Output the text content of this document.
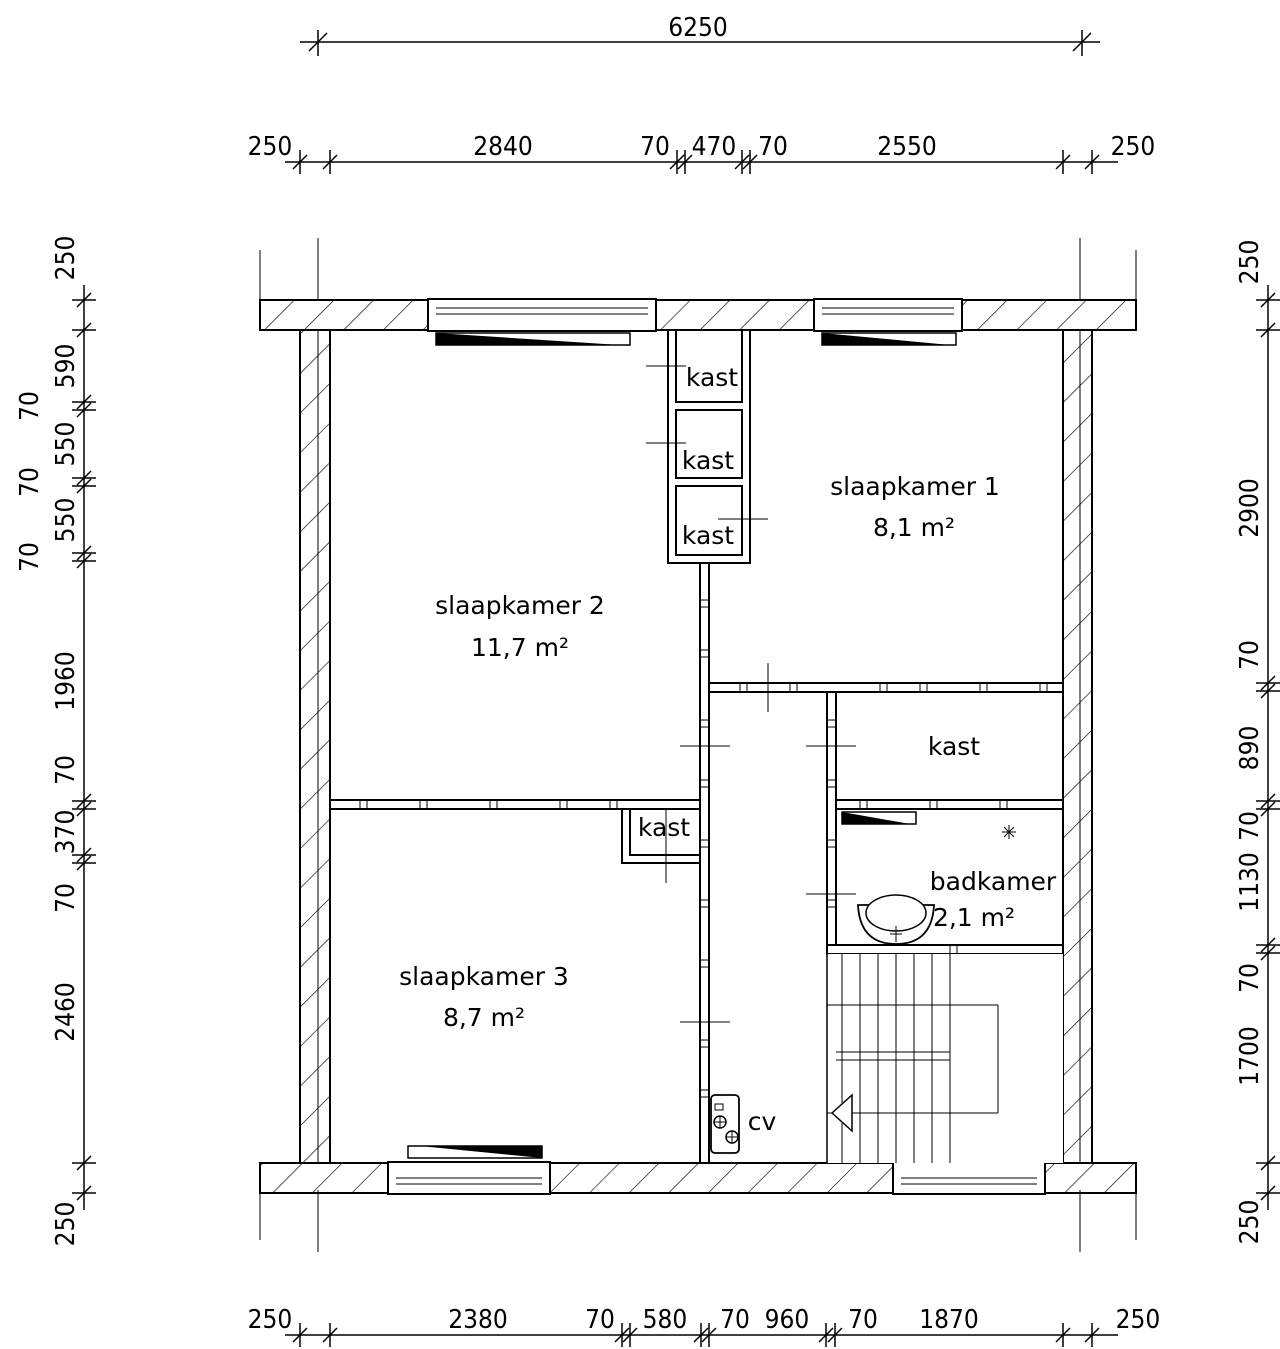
6250
250	2840	70 470 70	2550	250
250	2380	70 580 70 960 70 1870	250
250
590
70
550
70
550
70
1960
70
370
70
2460
250
250
2900
70
890
70
1130
70
1700
250
slaapkamer 1
8,1 m²
slaapkamer 2
11,7 m²
slaapkamer 3
8,7 m²
badkamer
2,1 m²
kast
kast
kast
kast
kast
cv
